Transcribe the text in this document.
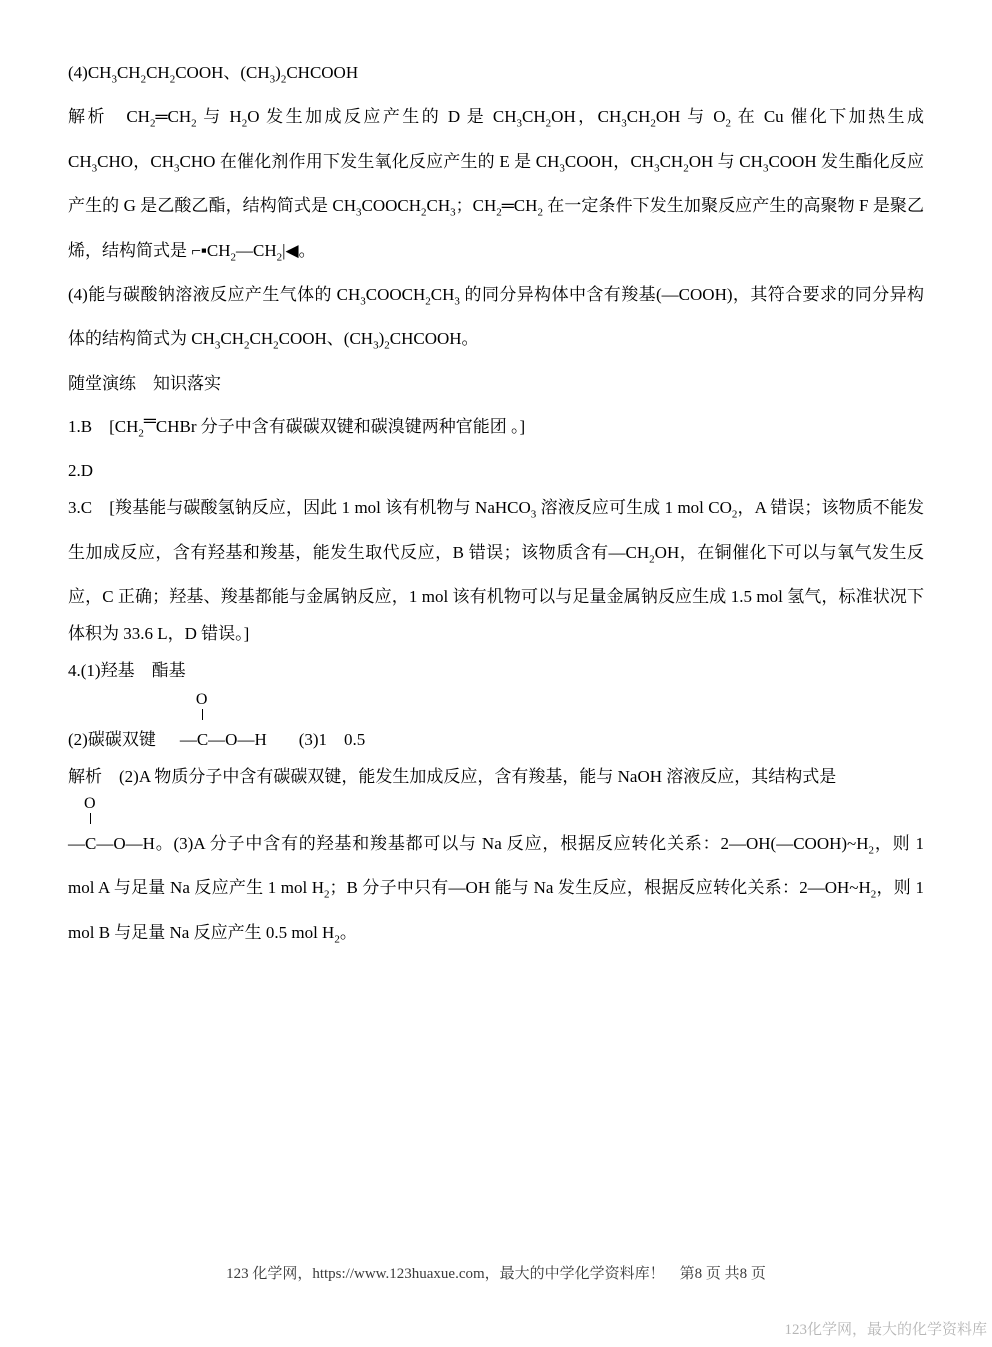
$(4)CH_3CH_2CH_2COOH$、$(CH_3)_2CHCOOH$

解析　$CH_2═CH_2$ 与 $H_2O$ 发生加成反应产生的 D 是 $CH_3CH_2OH$，$CH_3CH_2OH$ 与 $O_2$ 在 Cu 催化下加热生成 $CH_3CHO$，$CH_3CHO$ 在催化剂作用下发生氧化反应产生的 E 是 $CH_3COOH$，$CH_3CH_2OH$ 与 $CH_3COOH$ 发生酯化反应产生的 G 是乙酸乙酯，结构简式是 $CH_3COOCH_2CH_3$；$CH_2═CH_2$ 在一定条件下发生加聚反应产生的高聚物 F 是聚乙烯，结构简式是 $⌐▪CH_2—CH_2|◀$。

(4)能与碳酸钠溶液反应产生气体的 $CH_3COOCH_2CH_3$ 的同分异构体中含有羧基(—COOH)，其符合要求的同分异构体的结构简式为 $CH_3CH_2CH_2COOH$、$(CH_3)_2CHCOOH$。

随堂演练　知识落实

1.B　[$CH_2═CHBr$ 分子中含有碳碳双键和碳溴键两种官能团 。]

2.D

3.C　[羧基能与碳酸氢钠反应，因此 1 mol 该有机物与 NaHCO$_3$ 溶液反应可生成 1 mol $CO_2$，A 错误；该物质不能发生加成反应，含有羟基和羧基，能发生取代反应，B 错误；该物质含有$—CH_2OH$，在铜催化下可以与氧气发生反应，C 正确；羟基、羧基都能与金属钠反应，1 mol 该有机物可以与足量金属钠反应生成 1.5 mol 氢气，标准状况下体积为 33.6 L，D 错误。]

4.(1)羟基　酯基

(2)碳碳双键
O
—C—O—H (3)1　0.5

解析　(2)A 物质分子中含有碳碳双键，能发生加成反应，含有羧基，能与 NaOH 溶液反应，其结构式是

O
—C—O—H。(3)A 分子中含有的羟基和羧基都可以与 Na 反应，根据反应转化关系：$2—OH(—COOH)\sim H_2$，则 1 mol A 与足量 Na 反应产生 1 mol $H_2$；B 分子中只有—OH 能与 Na 发生反应，根据反应转化关系：$2—OH\sim H_2$，则 1 mol B 与足量 Na 反应产生 0.5 mol $H_2$。

123 化学网，https://www.123huaxue.com，最大的中学化学资料库！　第8 页 共8 页
123化学网，最大的化学资料库
